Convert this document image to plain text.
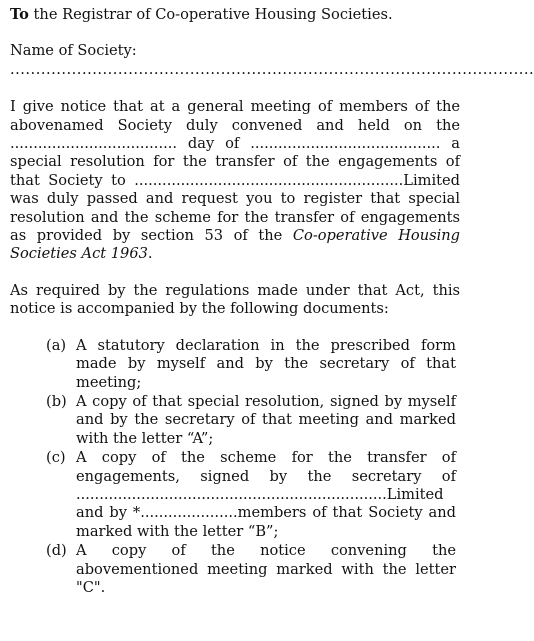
To the Registrar of Co-operative Housing Societies.

Name of Society:
......................................................................................................

I give notice that at a general meeting of members of the abovenamed Society duly convened and held on the .................................... day of ......................................... a special resolution for the transfer of the engagements of that Society to ..........................................................Limited was duly passed and request you to register that special resolution and the scheme for the transfer of engagements as provided by section 53 of the Co-operative Housing Societies Act 1963.

As required by the regulations made under that Act, this notice is accompanied by the following documents:

(a) A statutory declaration in the prescribed form made by myself and by the secretary of that meeting;
(b) A copy of that special resolution, signed by myself and by the secretary of that meeting and marked with the letter “A”;
(c) A copy of the scheme for the transfer of engagements, signed by the secretary of ...................................................................Limited and by *.....................members of that Society and marked with the letter “B”;
(d) A copy of the notice convening the abovementioned meeting marked with the letter "C".
